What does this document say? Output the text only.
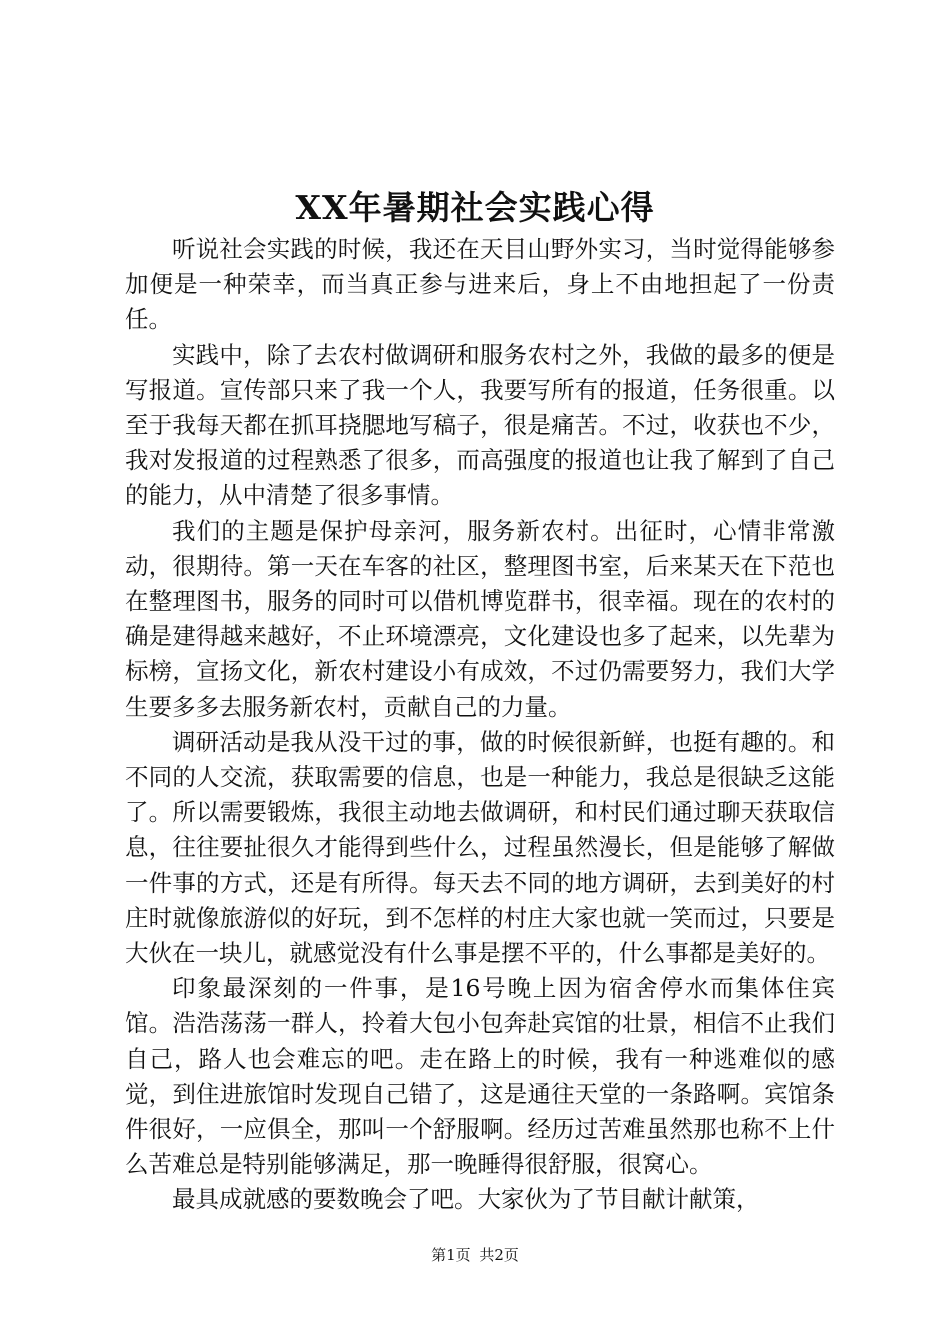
XX年暑期社会实践心得

听说社会实践的时候，我还在天目山野外实习，当时觉得能够参加便是一种荣幸，而当真正参与进来后，身上不由地担起了一份责任。

实践中，除了去农村做调研和服务农村之外，我做的最多的便是写报道。宣传部只来了我一个人，我要写所有的报道，任务很重。以至于我每天都在抓耳挠腮地写稿子，很是痛苦。不过，收获也不少，我对发报道的过程熟悉了很多，而高强度的报道也让我了解到了自己的能力，从中清楚了很多事情。

我们的主题是保护母亲河，服务新农村。出征时，心情非常激动，很期待。第一天在车客的社区，整理图书室，后来某天在下范也在整理图书，服务的同时可以借机博览群书，很幸福。现在的农村的确是建得越来越好，不止环境漂亮，文化建设也多了起来，以先辈为标榜，宣扬文化，新农村建设小有成效，不过仍需要努力，我们大学生要多多去服务新农村，贡献自己的力量。

调研活动是我从没干过的事，做的时候很新鲜，也挺有趣的。和不同的人交流，获取需要的信息，也是一种能力，我总是很缺乏这能了。所以需要锻炼，我很主动地去做调研，和村民们通过聊天获取信息，往往要扯很久才能得到些什么，过程虽然漫长，但是能够了解做一件事的方式，还是有所得。每天去不同的地方调研，去到美好的村庄时就像旅游似的好玩，到不怎样的村庄大家也就一笑而过，只要是大伙在一块儿，就感觉没有什么事是摆不平的，什么事都是美好的。

印象最深刻的一件事，是16号晚上因为宿舍停水而集体住宾馆。浩浩荡荡一群人，拎着大包小包奔赴宾馆的壮景，相信不止我们自己，路人也会难忘的吧。走在路上的时候，我有一种逃难似的感觉，到住进旅馆时发现自己错了，这是通往天堂的一条路啊。宾馆条件很好，一应俱全，那叫一个舒服啊。经历过苦难虽然那也称不上什么苦难总是特别能够满足，那一晚睡得很舒服，很窝心。

最具成就感的要数晚会了吧。大家伙为了节目献计献策，

第1页 共2页
